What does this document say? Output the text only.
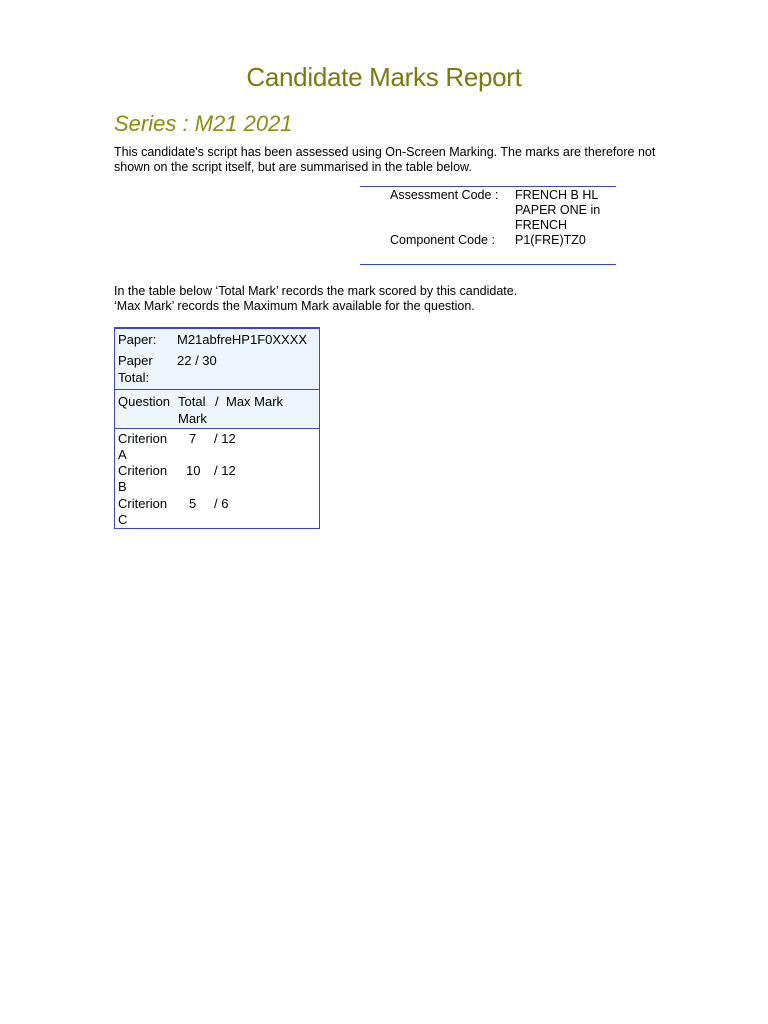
Candidate Marks Report
Series : M21 2021
This candidate's script has been assessed using On-Screen Marking. The marks are therefore not shown on the script itself, but are summarised in the table below.
Assessment Code : FRENCH B HL
PAPER ONE in
FRENCH
Component Code : P1(FRE)TZ0
In the table below ‘Total Mark’ records the mark scored by this candidate.
‘Max Mark’ records the Maximum Mark available for the question.
Paper: M21abfreHP1F0XXXX
Paper
Total:
22 / 30
Question Total
Mark
/ Max Mark
Criterion
A
7 / 12
Criterion
B
10 / 12
Criterion
C
5 / 6
